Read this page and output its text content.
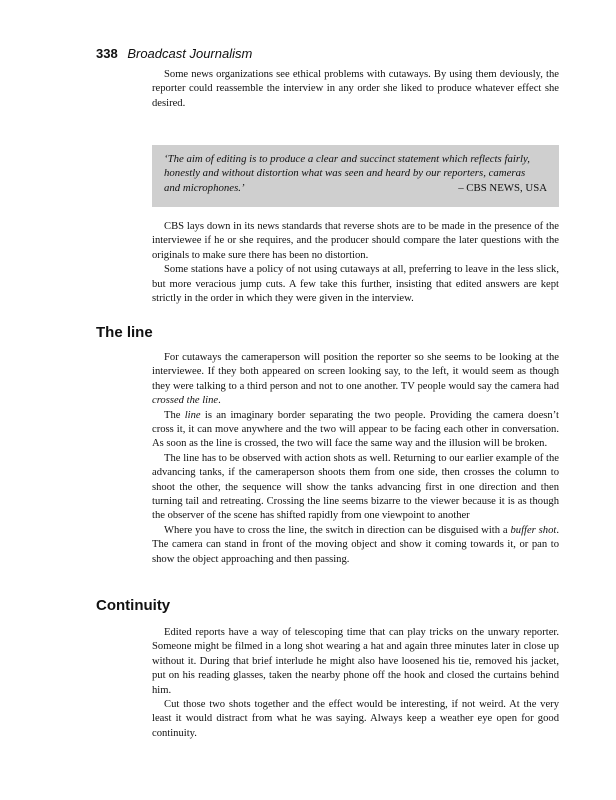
338 Broadcast Journalism

Some news organizations see ethical problems with cutaways. By using them deviously, the reporter could reassemble the interview in any order she liked to produce whatever effect she desired.

‘The aim of editing is to produce a clear and succinct statement which reflects fairly,
honestly and without distortion what was seen and heard by our reporters, cameras
and microphones.’	– CBS NEWS, USA

CBS lays down in its news standards that reverse shots are to be made in the presence of the interviewee if he or she requires, and the producer should compare the later questions with the originals to make sure there has been no distortion.

Some stations have a policy of not using cutaways at all, preferring to leave in the less slick, but more veracious jump cuts. A few take this further, insisting that edited answers are kept strictly in the order in which they were given in the interview.

The line

For cutaways the cameraperson will position the reporter so she seems to be looking at the interviewee. If they both appeared on screen looking say, to the left, it would seem as though they were talking to a third person and not to one another. TV people would say the camera had crossed the line.

The line is an imaginary border separating the two people. Providing the camera doesn’t cross it, it can move anywhere and the two will appear to be facing each other in conversation. As soon as the line is crossed, the two will face the same way and the illusion will be broken.

The line has to be observed with action shots as well. Returning to our earlier example of the advancing tanks, if the cameraperson shoots them from one side, then crosses the column to shoot the other, the sequence will show the tanks advancing first in one direction and then turning tail and retreating. Crossing the line seems bizarre to the viewer because it is as though the observer of the scene has shifted rapidly from one viewpoint to another

Where you have to cross the line, the switch in direction can be disguised with a buffer shot. The camera can stand in front of the moving object and show it coming towards it, or pan to show the object approaching and then passing.

Continuity

Edited reports have a way of telescoping time that can play tricks on the unwary reporter. Someone might be filmed in a long shot wearing a hat and again three minutes later in close up without it. During that brief interlude he might also have loosened his tie, removed his jacket, put on his reading glasses, taken the nearby phone off the hook and closed the curtains behind him.

Cut those two shots together and the effect would be interesting, if not weird. At the very least it would distract from what he was saying. Always keep a weather eye open for good continuity.
